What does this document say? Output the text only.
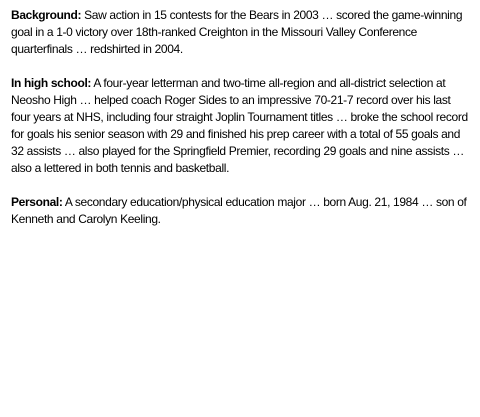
Background: Saw action in 15 contests for the Bears in 2003 … scored the game-winning goal in a 1-0 victory over 18th-ranked Creighton in the Missouri Valley Conference quarterfinals … redshirted in 2004.

In high school: A four-year letterman and two-time all-region and all-district selection at Neosho High … helped coach Roger Sides to an impressive 70-21-7 record over his last four years at NHS, including four straight Joplin Tournament titles … broke the school record for goals his senior season with 29 and finished his prep career with a total of 55 goals and 32 assists … also played for the Springfield Premier, recording 29 goals and nine assists … also a lettered in both tennis and basketball.

Personal: A secondary education/physical education major … born Aug. 21, 1984 … son of Kenneth and Carolyn Keeling.
